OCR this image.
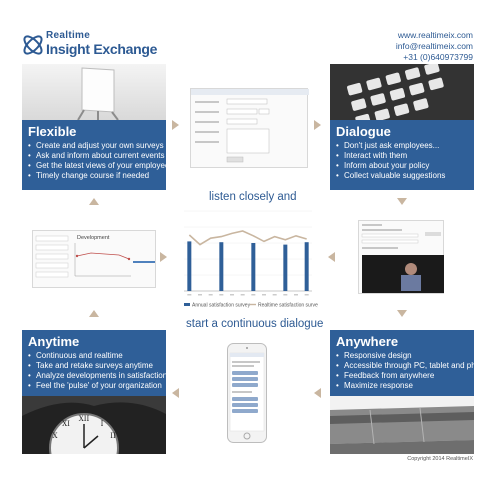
Realtime
Insight Exchange
www.realtimeix.com
info@realtimeix.com
+31 (0)640973799
Flexible
• Create and adjust your own surveys
• Ask and inform about current events
• Get the latest views of your employees
• Timely change course if needed
Dialogue
• Don't just ask employees...
• Interact with them
• Inform about your policy
• Collect valuable suggestions
Development
listen closely and
Annual satisfaction survey Realtime satisfaction survey
start a continuous dialogue
Anytime
• Continuous and realtime
• Take and retake surveys anytime
• Analyze developments in satisfaction
• Feel the 'pulse' of your organization
XII
I
XI
II
X
Anywhere
• Responsive design
• Accessible through PC, tablet and phone
• Feedback from anywhere
• Maximize response
Copyright 2014 RealtimeIX
